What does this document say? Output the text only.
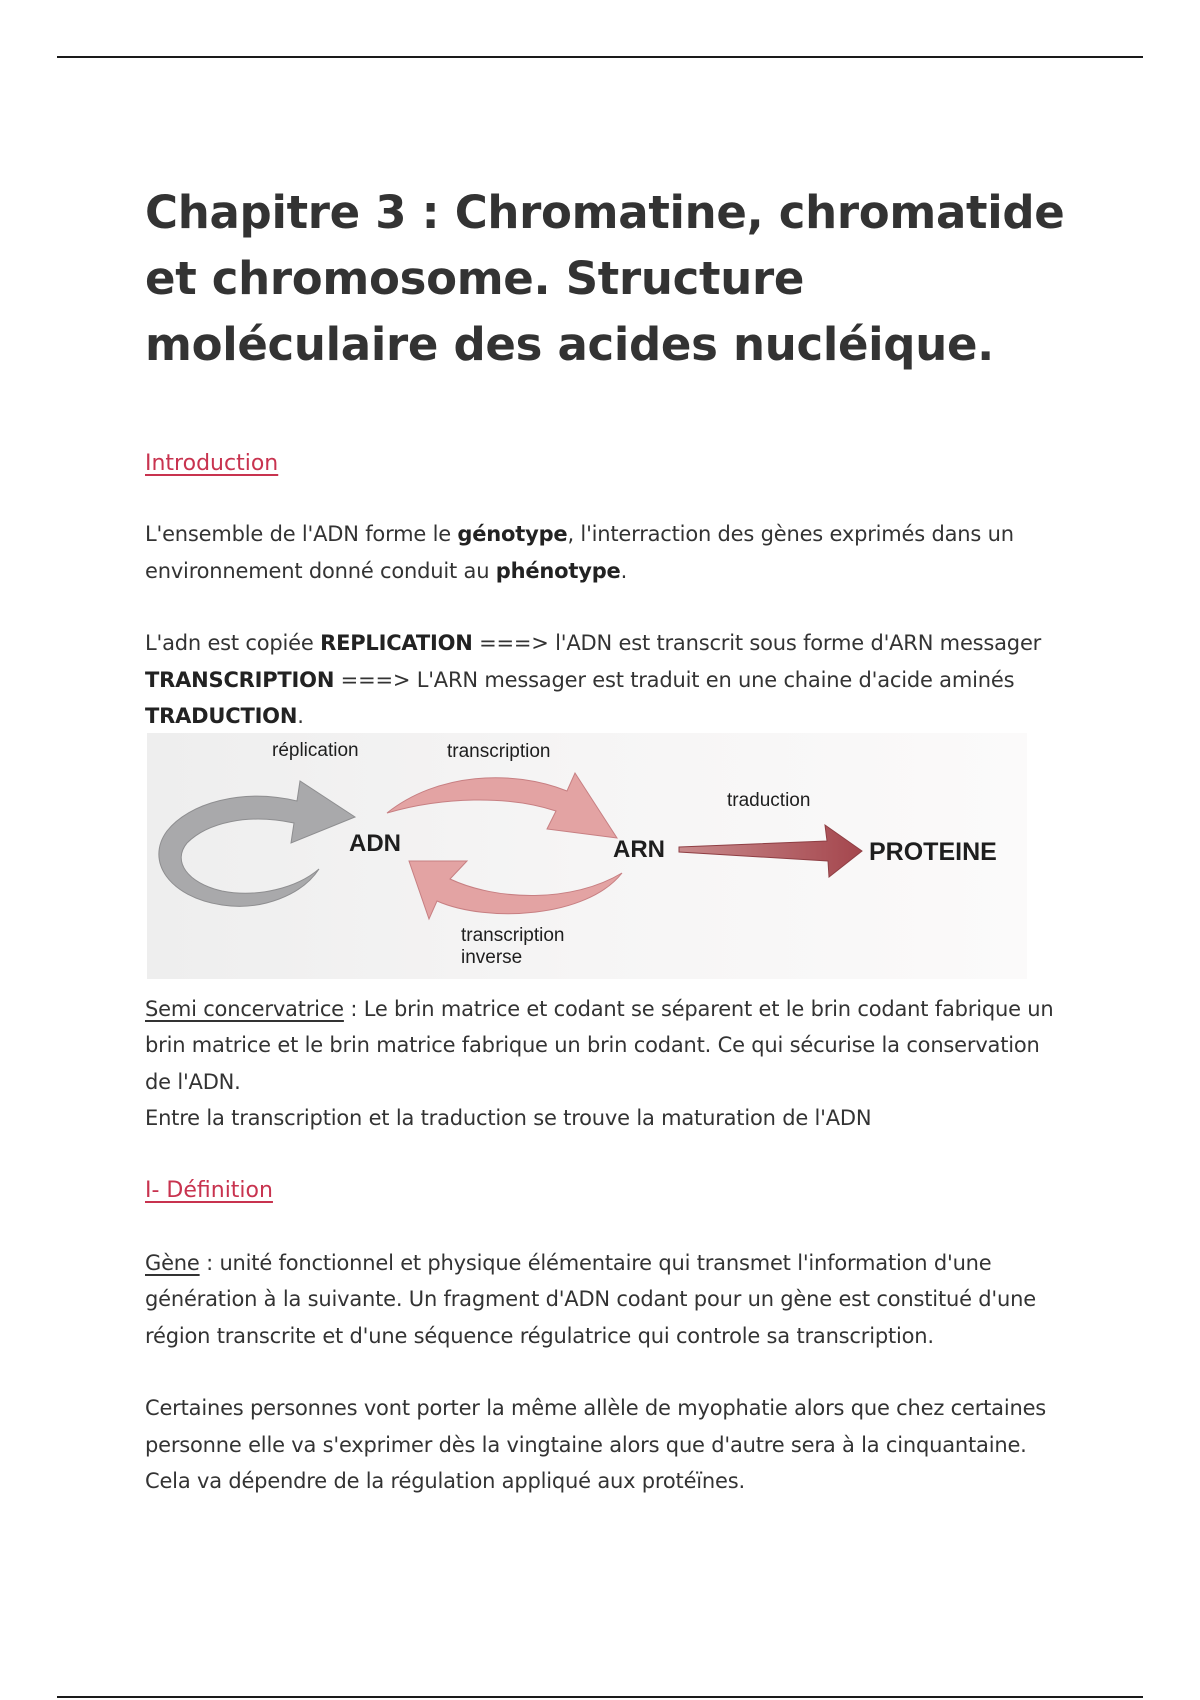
Chapitre 3 : Chromatine, chromatide et chromosome. Structure moléculaire des acides nucléique.
Introduction

L'ensemble de l'ADN forme le génotype, l'interraction des gènes exprimés dans un environnement donné conduit au phénotype.

L'adn est copiée REPLICATION ===> l'ADN est transcrit sous forme d'ARN messager TRANSCRIPTION ===> L'ARN messager est traduit en une chaine d'acide aminés TRADUCTION.

Semi concervatrice : Le brin matrice et codant se séparent et le brin codant fabrique un brin matrice et le brin matrice fabrique un brin codant. Ce qui sécurise la conservation de l'ADN.

Entre la transcription et la traduction se trouve la maturation de l'ADN

I- Définition

Gène : unité fonctionnel et physique élémentaire qui transmet l'information d'une génération à la suivante. Un fragment d'ADN codant pour un gène est constitué d'une région transcrite et d'une séquence régulatrice qui controle sa transcription.

Certaines personnes vont porter la même allèle de myophatie alors que chez certaines personne elle va s'exprimer dès la vingtaine alors que d'autre sera à la cinquantaine. Cela va dépendre de la régulation appliqué aux protéïnes.

réplication	transcription
traduction
ADN	ARN	PROTEINE
transcription
inverse
